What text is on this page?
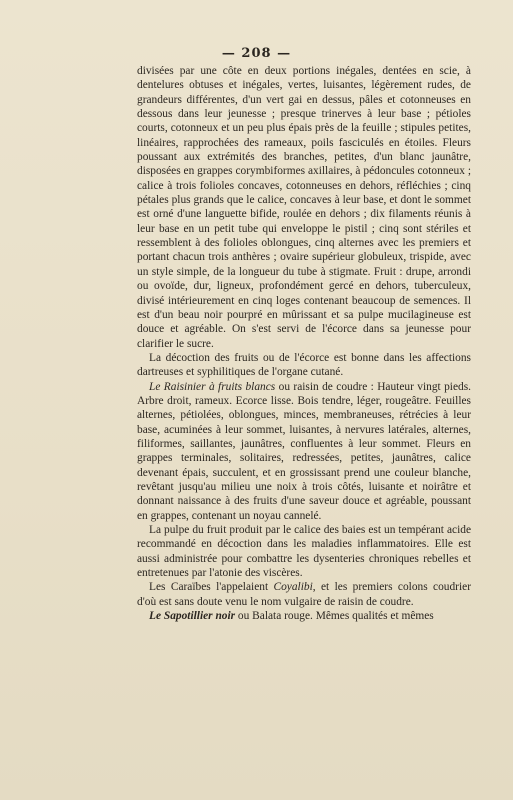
— 208 —

divisées par une côte en deux portions inégales, dentées en scie, à dentelures obtuses et inégales, vertes, luisantes, légèrement rudes, de grandeurs différentes, d'un vert gai en dessus, pâles et cotonneuses en dessous dans leur jeunesse ; presque trinerves à leur base ; pétioles courts, cotonneux et un peu plus épais près de la feuille ; stipules petites, linéaires, rapprochées des rameaux, poils fasciculés en étoiles. Fleurs poussant aux extrémités des branches, petites, d'un blanc jaunâtre, disposées en grappes corymbiformes axillaires, à pédoncules cotonneux ; calice à trois folioles concaves, cotonneuses en dehors, réfléchies ; cinq pétales plus grands que le calice, concaves à leur base, et dont le sommet est orné d'une languette bifide, roulée en dehors ; dix filaments réunis à leur base en un petit tube qui enveloppe le pistil ; cinq sont stériles et ressemblent à des folioles oblongues, cinq alternes avec les premiers et portant chacun trois anthères ; ovaire supérieur globuleux, trispide, avec un style simple, de la longueur du tube à stigmate. Fruit : drupe, arrondi ou ovoïde, dur, ligneux, profondément gercé en dehors, tuberculeux, divisé intérieurement en cinq loges contenant beaucoup de semences. Il est d'un beau noir pourpré en mûrissant et sa pulpe mucilagineuse est douce et agréable. On s'est servi de l'écorce dans sa jeunesse pour clarifier le sucre.

La décoction des fruits ou de l'écorce est bonne dans les affections dartreuses et syphilitiques de l'organe cutané.

Le Raisinier à fruits blancs ou raisin de coudre : Hauteur vingt pieds. Arbre droit, rameux. Ecorce lisse. Bois tendre, léger, rougeâtre. Feuilles alternes, pétiolées, oblongues, minces, membraneuses, rétrécies à leur base, acuminées à leur sommet, luisantes, à nervures latérales, alternes, filiformes, saillantes, jaunâtres, confluentes à leur sommet. Fleurs en grappes terminales, solitaires, redressées, petites, jaunâtres, calice devenant épais, succulent, et en grossissant prend une couleur blanche, revêtant jusqu'au milieu une noix à trois côtés, luisante et noirâtre et donnant naissance à des fruits d'une saveur douce et agréable, poussant en grappes, contenant un noyau cannelé.

La pulpe du fruit produit par le calice des baies est un tempérant acide recommandé en décoction dans les maladies inflammatoires. Elle est aussi administrée pour combattre les dysenteries chroniques rebelles et entretenues par l'atonie des viscères.

Les Caraïbes l'appelaient Coyalibi, et les premiers colons coudrier d'où est sans doute venu le nom vulgaire de raisin de coudre.

Le Sapotillier noir ou Balata rouge. Mêmes qualités et mêmes
